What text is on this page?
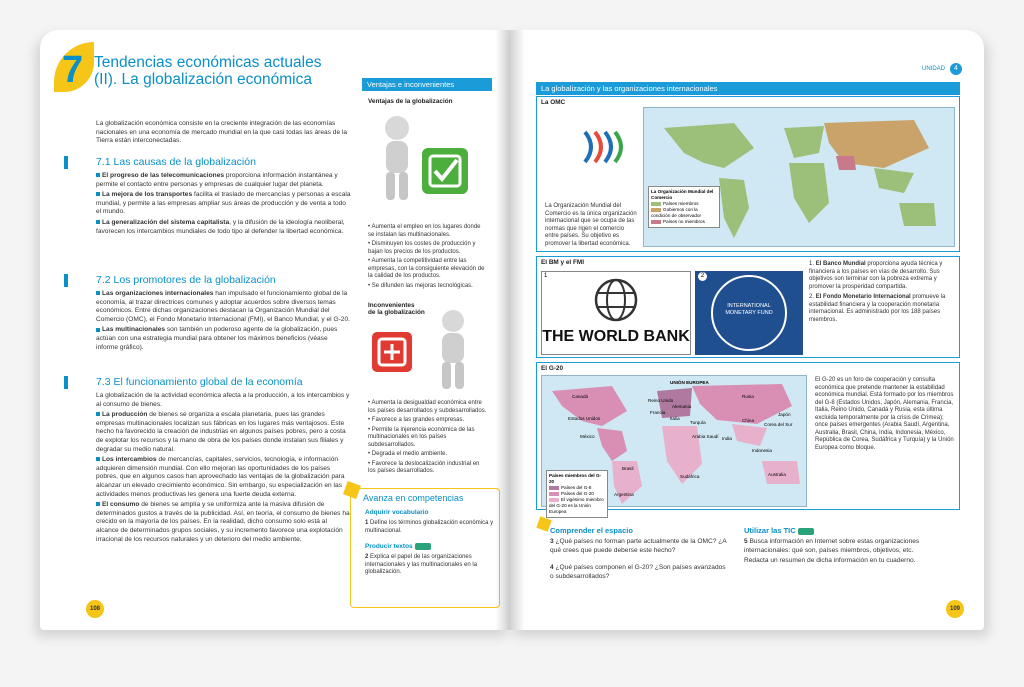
7 Tendencias económicas actuales
(II). La globalización económica
La globalización económica consiste en la creciente integración de las economías nacionales en una economía de mercado mundial en la que casi todas las áreas de la Tierra están interconectadas.
7.1 Las causas de la globalización

El progreso de las telecomunicaciones proporciona información instantánea y permite el contacto entre personas y empresas de cualquier lugar del planeta.

La mejora de los transportes facilita el traslado de mercancías y personas a escala mundial, y permite a las empresas ampliar sus áreas de producción y de venta a todo el mundo.

La generalización del sistema capitalista, y la difusión de la ideología neoliberal, favorecen los intercambios mundiales de todo tipo al defender la libertad económica.

7.2 Los promotores de la globalización

Las organizaciones internacionales han impulsado el funcionamiento global de la economía, al trazar directrices comunes y adoptar acuerdos sobre diversos temas económicos. Entre dichas organizaciones destacan la Organización Mundial del Comercio (OMC), el Fondo Monetario Internacional (FMI), el Banco Mundial, y el G-20.

Las multinacionales son también un poderoso agente de la globalización, pues actúan con una estrategia mundial para obtener los máximos beneficios (véase informe gráfico).

7.3 El funcionamiento global de la economía

La globalización de la actividad económica afecta a la producción, a los intercambios y al consumo de bienes.

La producción de bienes se organiza a escala planetaria, pues las grandes empresas multinacionales localizan sus fábricas en los lugares más ventajosos. Este hecho ha favorecido la creación de industrias en algunos países pobres, pero a costa de explotar los recursos y la mano de obra de los países donde instalan sus filiales y degradar su medio natural.

Los intercambios de mercancías, capitales, servicios, tecnología, e información adquieren dimensión mundial. Con ello mejoran las oportunidades de los países pobres, que en algunos casos han aprovechado las ventajas de la globalización para alcanzar un elevado crecimiento económico. Sin embargo, su especialización en las actividades menos productivas les genera una fuerte deuda externa.

El consumo de bienes se amplía y se uniformiza ante la masiva difusión de determinados gustos a través de la publicidad. Así, en teoría, el consumo de bienes ha crecido en la mayoría de los países. En la realidad, dicho consumo solo está al alcance de determinados grupos sociales, y su incremento favorece una explotación irracional de los recursos naturales y un deterioro del medio ambiente.

108
Ventajas e inconvenientes
Ventajas de la globalización

• Aumenta el empleo en los lugares donde se instalan las multinacionales.

• Disminuyen los costes de producción y bajan los precios de los productos.

• Aumenta la competitividad entre las empresas, con la consiguiente elevación de la calidad de los productos.

• Se difunden las mejoras tecnológicas.

Inconvenientes
de la globalización

• Aumenta la desigualdad económica entre los países desarrollados y subdesarrollados.

• Favorece a las grandes empresas.

• Permite la injerencia económica de las multinacionales en los países subdesarrollados.

• Degrada el medio ambiente.

• Favorece la deslocalización industrial en los países desarrollados.

Avanza en competencias
Adquirir vocabulario
1 Define los términos globalización económica y multinacional.
Producir textos
2 Explica el papel de las organizaciones internacionales y las multinacionales en la globalización.
UNIDAD	4
La globalización y las organizaciones internacionales
La OMC
La Organización Mundial del Comercio es la única organización internacional que se ocupa de las normas que rigen el comercio entre países. Su objetivo es promover la libertad económica.
La Organización Mundial del Comercio
Países miembros
Gobiernos con la condición de observador
Países no miembros
El BM y el FMI
1
THE WORLD BANK
2
INTERNATIONAL MONETARY FUND

1. El Banco Mundial proporciona ayuda técnica y financiera a los países en vías de desarrollo. Sus objetivos son terminar con la pobreza extrema y promover la prosperidad compartida.

2. El Fondo Monetario Internacional promueve la estabilidad financiera y la cooperación monetaria internacional. Es administrado por los 188 países miembros.

El G-20
UNIÓN EUROPEA
Canadá	Rusia
Reino Unido
Alemania
Francia
Italia
Estados Unidos
Turquía	China
Japón
Corea del Sur
México	Arabia Saudí India
Indonesia
Brasil
Sudáfrica	Australia
Argentina
Países miembros del G-20
Países del G-8
Países del G-20
El vigésimo miembro del G-20 es la Unión Europea
El G-20 es un foro de cooperación y consulta económica que pretende mantener la estabilidad económica mundial. Está formado por los miembros del G-8 (Estados Unidos, Japón, Alemania, Francia, Italia, Reino Unido, Canadá y Rusia, esta última excluida temporalmente por la crisis de Crimea); once países emergentes (Arabia Saudí, Argentina, Australia, Brasil, China, India, Indonesia, México, República de Corea, Sudáfrica y Turquía) y la Unión Europea como bloque.
Comprender el espacio
3 ¿Qué países no forman parte actualmente de la OMC? ¿A qué crees que puede deberse este hecho?
4 ¿Qué países componen el G-20? ¿Son países avanzados o subdesarrollados?
Utilizar las TIC

5 Busca información en Internet sobre estas organizaciones internacionales: qué son, países miembros, objetivos, etc.

Redacta un resumen de dicha información en tu cuaderno.

109
